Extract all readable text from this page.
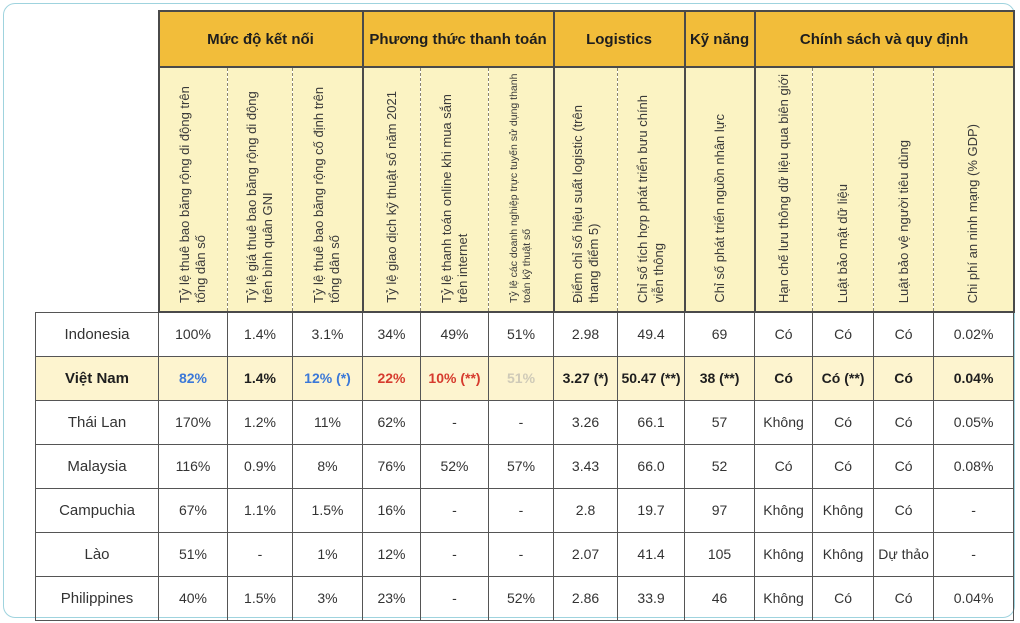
	Mức độ kết nối			Phương thức thanh toán			Logistics		Kỹ năng	Chính sách và quy định			

	Tỷ lệ thuê bao băng rộng di động trên tổng dân số	Tỷ lệ giá thuê bao băng rộng di động trên bình quân GNI	Tỷ lệ thuê bao băng rộng cố định trên tổng dân số	Tỷ lệ giao dịch kỹ thuật số năm 2021	Tỷ lệ thanh toán online khi mua sắm trên internet	Tỷ lệ các doanh nghiệp trực tuyến sử dụng thanh toán kỹ thuật số	Điểm chỉ số hiệu suất logistic (trên thang điểm 5)	Chỉ số tích hợp phát triển bưu chính viễn thông	Chỉ số phát triển nguồn nhân lực	Hạn chế lưu thông dữ liệu qua biên giới	Luật bảo mật dữ liệu	Luật bảo vệ người tiêu dùng	Chi phí an ninh mạng (% GDP)

Indonesia	100%	1.4%	3.1%	34%	49%	51%	2.98	49.4	69	Có	Có	Có	0.02%
Việt Nam	82%	1.4%	12% (*)	22%	10% (**)	51%	3.27 (*)	50.47 (**)	38 (**)	Có	Có (**)	Có	0.04%
Thái Lan	170%	1.2%	11%	62%	-	-	3.26	66.1	57	Không	Có	Có	0.05%
Malaysia	116%	0.9%	8%	76%	52%	57%	3.43	66.0	52	Có	Có	Có	0.08%
Campuchia	67%	1.1%	1.5%	16%	-	-	2.8	19.7	97	Không	Không	Có	-
Lào	51%	-	1%	12%	-	-	2.07	41.4	105	Không	Không	Dự thảo	-
Philippines	40%	1.5%	3%	23%	-	52%	2.86	33.9	46	Không	Có	Có	0.04%
